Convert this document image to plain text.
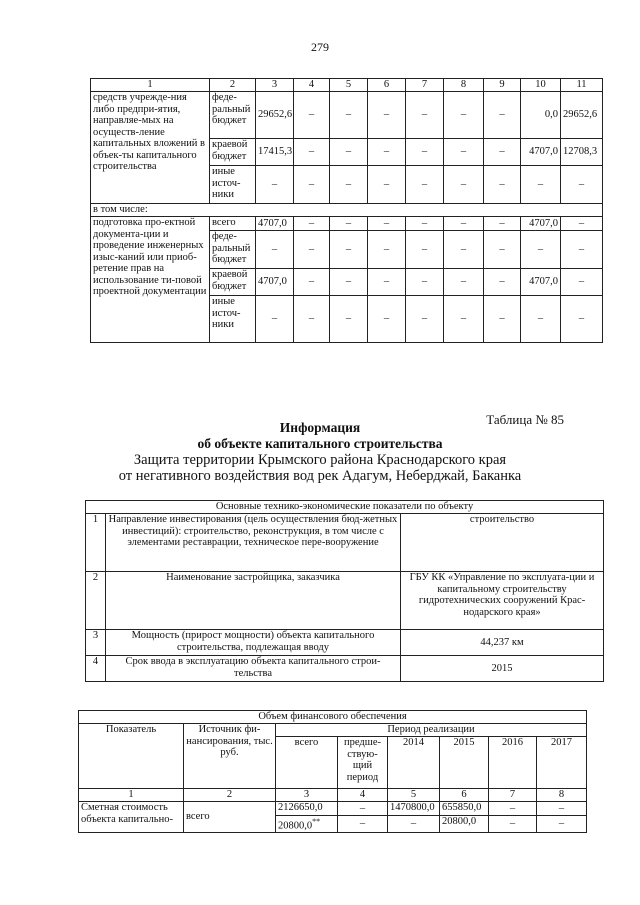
279
1	2	3	4	5	6	7	8	9	10	11
средств учрежде-ния либо предпри-ятия, направляе-мых на осуществ-ление капитальных вложений в объек-ты капитального строительства	феде-ральный бюджет	29652,6	–	–	–	–	–	–	0,0	29652,6
	краевой бюджет	17415,3	–	–	–	–	–	–	4707,0	12708,3
	иные источ-ники	–	–	–	–	–	–	–	–	–
в том числе:										
подготовка про-ектной документа-ции и проведение инженерных изыс-каний или приоб-ретение прав на использование ти-повой проектной документации	всего	4707,0	–	–	–	–	–	–	4707,0	–
	феде-ральный бюджет	–	–	–	–	–	–	–	–	–
	краевой бюджет	4707,0	–	–	–	–	–	–	4707,0	–
	иные источ-ники	–	–	–	–	–	–	–	–	–
Таблица № 85
Информация
об объекте капитального строительства
Защита территории Крымского района Краснодарского края
от негативного воздействия вод рек Адагум, Неберджай, Баканка
Основные технико-экономические показатели по объекту		
1	Направление инвестирования (цель осуществления бюд-жетных инвестиций): строительство, реконструкция, в том числе с элементами реставрации, техническое пере-вооружение	строительство
2	Наименование застройщика, заказчика	ГБУ КК «Управление по эксплуата-ции и капитальному строительству гидротехнических сооружений Крас-нодарского края»
3	Мощность (прирост мощности) объекта капитального строительства, подлежащая вводу	44,237 км
4	Срок ввода в эксплуатацию объекта капитального строи-тельства	2015
Объем финансового обеспечения							
Показатель	Источник фи-нансирования, тыс. руб.	Период реализации					
		всего	предше-ствую-щий период	2014	2015	2016	2017
1	2	3	4	5	6	7	8
Сметная стоимость объекта капитально-	всего	2126650,0	–	1470800,0	655850,0	–	–
		20800,0**	–	–	20800,0	–	–
